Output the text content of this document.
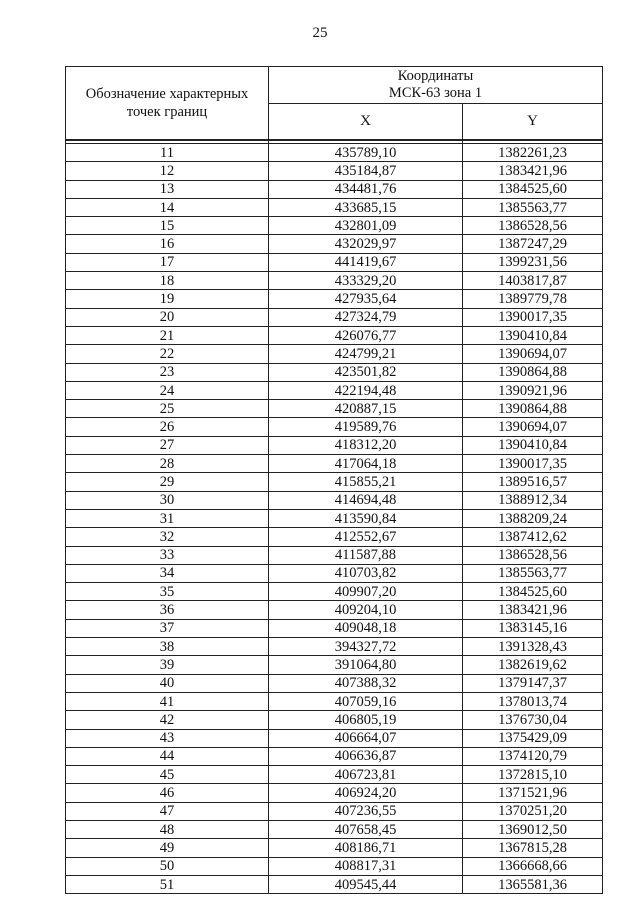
25
Обозначение характерных
точек границ	Координаты
МСК-63 зона 1	

	X	Y

11	435789,10	1382261,23
12	435184,87	1383421,96
13	434481,76	1384525,60
14	433685,15	1385563,77
15	432801,09	1386528,56
16	432029,97	1387247,29
17	441419,67	1399231,56
18	433329,20	1403817,87
19	427935,64	1389779,78
20	427324,79	1390017,35
21	426076,77	1390410,84
22	424799,21	1390694,07
23	423501,82	1390864,88
24	422194,48	1390921,96
25	420887,15	1390864,88
26	419589,76	1390694,07
27	418312,20	1390410,84
28	417064,18	1390017,35
29	415855,21	1389516,57
30	414694,48	1388912,34
31	413590,84	1388209,24
32	412552,67	1387412,62
33	411587,88	1386528,56
34	410703,82	1385563,77
35	409907,20	1384525,60
36	409204,10	1383421,96
37	409048,18	1383145,16
38	394327,72	1391328,43
39	391064,80	1382619,62
40	407388,32	1379147,37
41	407059,16	1378013,74
42	406805,19	1376730,04
43	406664,07	1375429,09
44	406636,87	1374120,79
45	406723,81	1372815,10
46	406924,20	1371521,96
47	407236,55	1370251,20
48	407658,45	1369012,50
49	408186,71	1367815,28
50	408817,31	1366668,66
51	409545,44	1365581,36
